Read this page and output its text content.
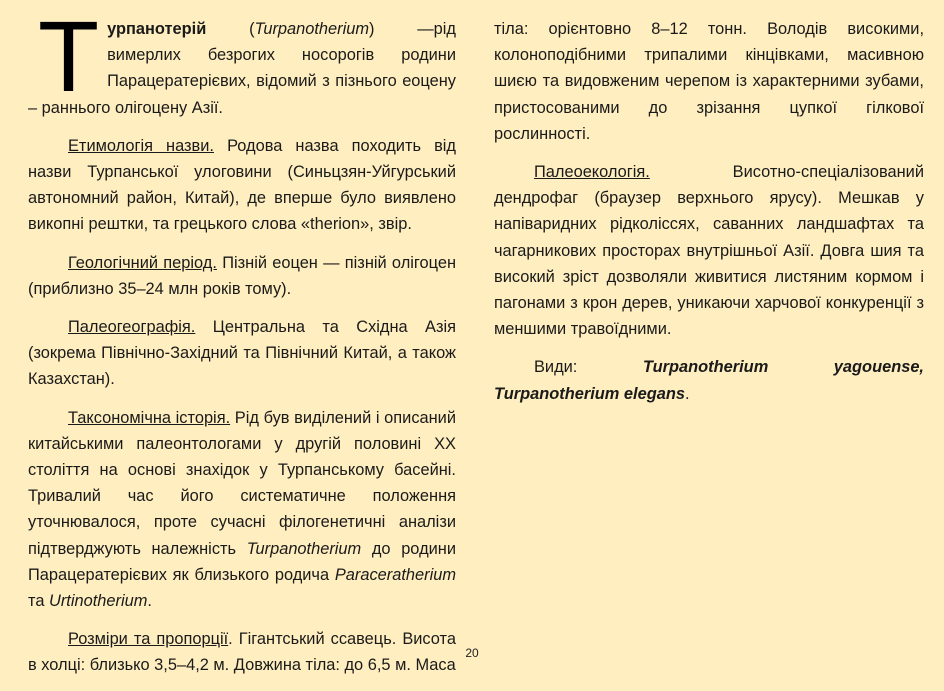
Турпанотерій (Turpanotherium) —рід вимерлих безрогих носорогів родини Парацератерієвих, відомий з пізнього еоцену – раннього олігоцену Азії.

Етимологія назви. Родова назва походить від назви Турпанської улоговини (Синьцзян-Уйгурський автономний район, Китай), де вперше було виявлено викопні рештки, та грецького слова «therion», звір.

Геологічний період. Пізній еоцен — пізній олігоцен (приблизно 35–24 млн років тому).

Палеогеографія. Центральна та Східна Азія (зокрема Північно-Західний та Північний Китай, а також Казахстан).

Таксономічна історія. Рід був виділений і описаний китайськими палеонтологами у другій половині XX століття на основі знахідок у Турпанському басейні. Тривалий час його систематичне положення уточнювалося, проте сучасні філогенетичні аналізи підтверджують належність Turpanotherium до родини Парацератерієвих як близького родича Paraceratherium та Urtinotherium.

Розміри та пропорції. Гігантський ссавець. Висота в холці: близько 3,5–4,2 м. Довжина тіла: до 6,5 м. Маса

тіла: орієнтовно 8–12 тонн. Володів високими, колоноподібними трипалими кінцівками, масивною шиєю та видовженим черепом із характерними зубами, пристосованими до зрізання цупкої гілкової рослинності.

Палеоекологія. Висотно-спеціалізований дендрофаг (браузер верхнього ярусу). Мешкав у напіваридних рідколіссях, саванних ландшафтах та чагарникових просторах внутрішньої Азії. Довга шия та високий зріст дозволяли живитися листяним кормом і пагонами з крон дерев, уникаючи харчової конкуренції з меншими травоїдними.

Види: Turpanotherium yagouense, Turpanotherium elegans.

20
